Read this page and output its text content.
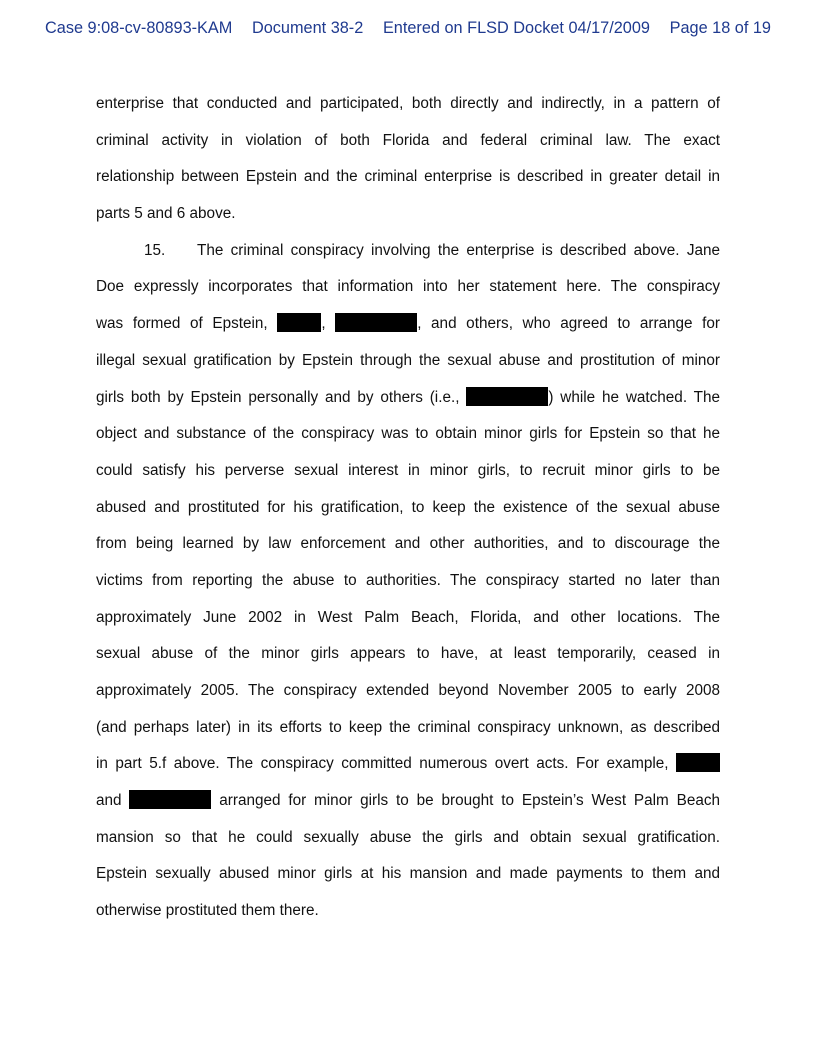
Case 9:08-cv-80893-KAM Document 38-2 Entered on FLSD Docket 04/17/2009 Page 18 of 19
enterprise that conducted and participated, both directly and indirectly, in a pattern of
criminal activity in violation of both Florida and federal criminal law. The exact
relationship between Epstein and the criminal enterprise is described in greater detail in
parts 5 and 6 above.
15. The criminal conspiracy involving the enterprise is described above. Jane
Doe expressly incorporates that information into her statement here. The conspiracy
was formed of Epstein,	,	, and others, who agreed to arrange for
illegal sexual gratification by Epstein through the sexual abuse and prostitution of minor
girls both by Epstein personally and by others (i.e.,	) while he watched. The
object and substance of the conspiracy was to obtain minor girls for Epstein so that he
could satisfy his perverse sexual interest in minor girls, to recruit minor girls to be
abused and prostituted for his gratification, to keep the existence of the sexual abuse
from being learned by law enforcement and other authorities, and to discourage the
victims from reporting the abuse to authorities. The conspiracy started no later than
approximately June 2002 in West Palm Beach, Florida, and other locations. The
sexual abuse of the minor girls appears to have, at least temporarily, ceased in
approximately 2005. The conspiracy extended beyond November 2005 to early 2008
(and perhaps later) in its efforts to keep the criminal conspiracy unknown, as described
in part 5.f above. The conspiracy committed numerous overt acts. For example,
and	arranged for minor girls to be brought to Epstein’s West Palm Beach
mansion so that he could sexually abuse the girls and obtain sexual gratification.
Epstein sexually abused minor girls at his mansion and made payments to them and
otherwise prostituted them there.
